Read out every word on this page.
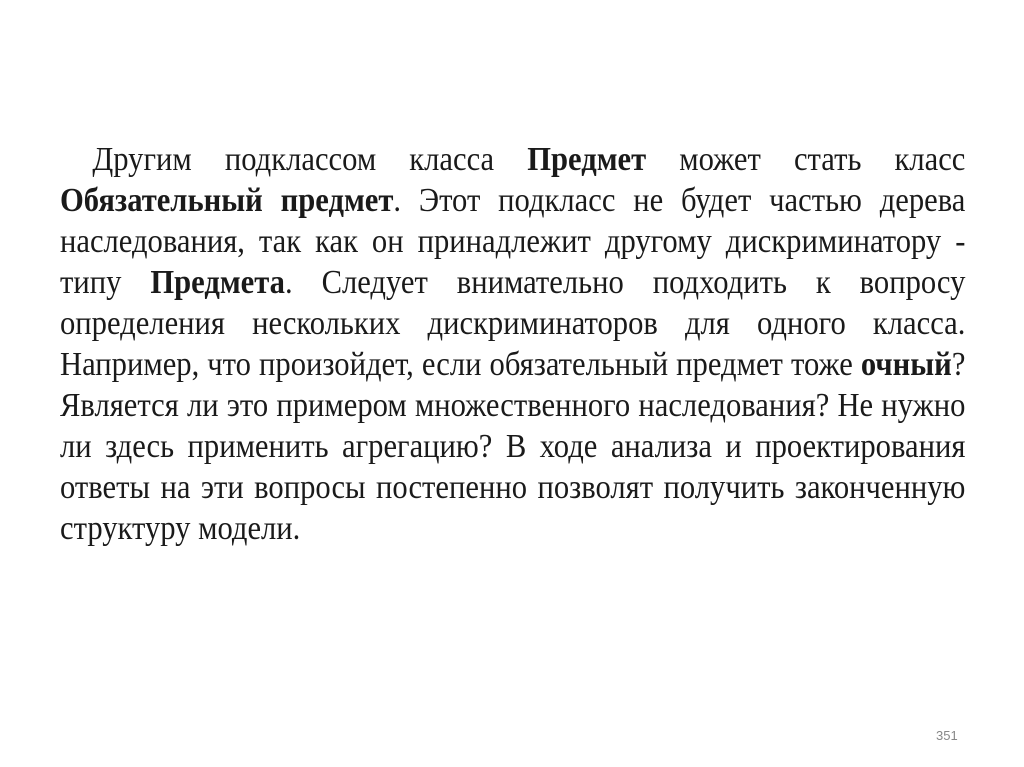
Другим подклассом класса Предмет может стать класс Обязательный предмет. Этот подкласс не будет частью дерева наследования, так как он принадлежит другому дискриминатору - типу Предмета. Следует внимательно подходить к вопросу определения нескольких дискриминаторов для одного класса. Например, что произойдет, если обязательный предмет тоже очный? Является ли это примером множественного наследования? Не нужно ли здесь применить агрегацию? В ходе анализа и проектирования ответы на эти вопросы постепенно позволят получить законченную структуру модели.

351
